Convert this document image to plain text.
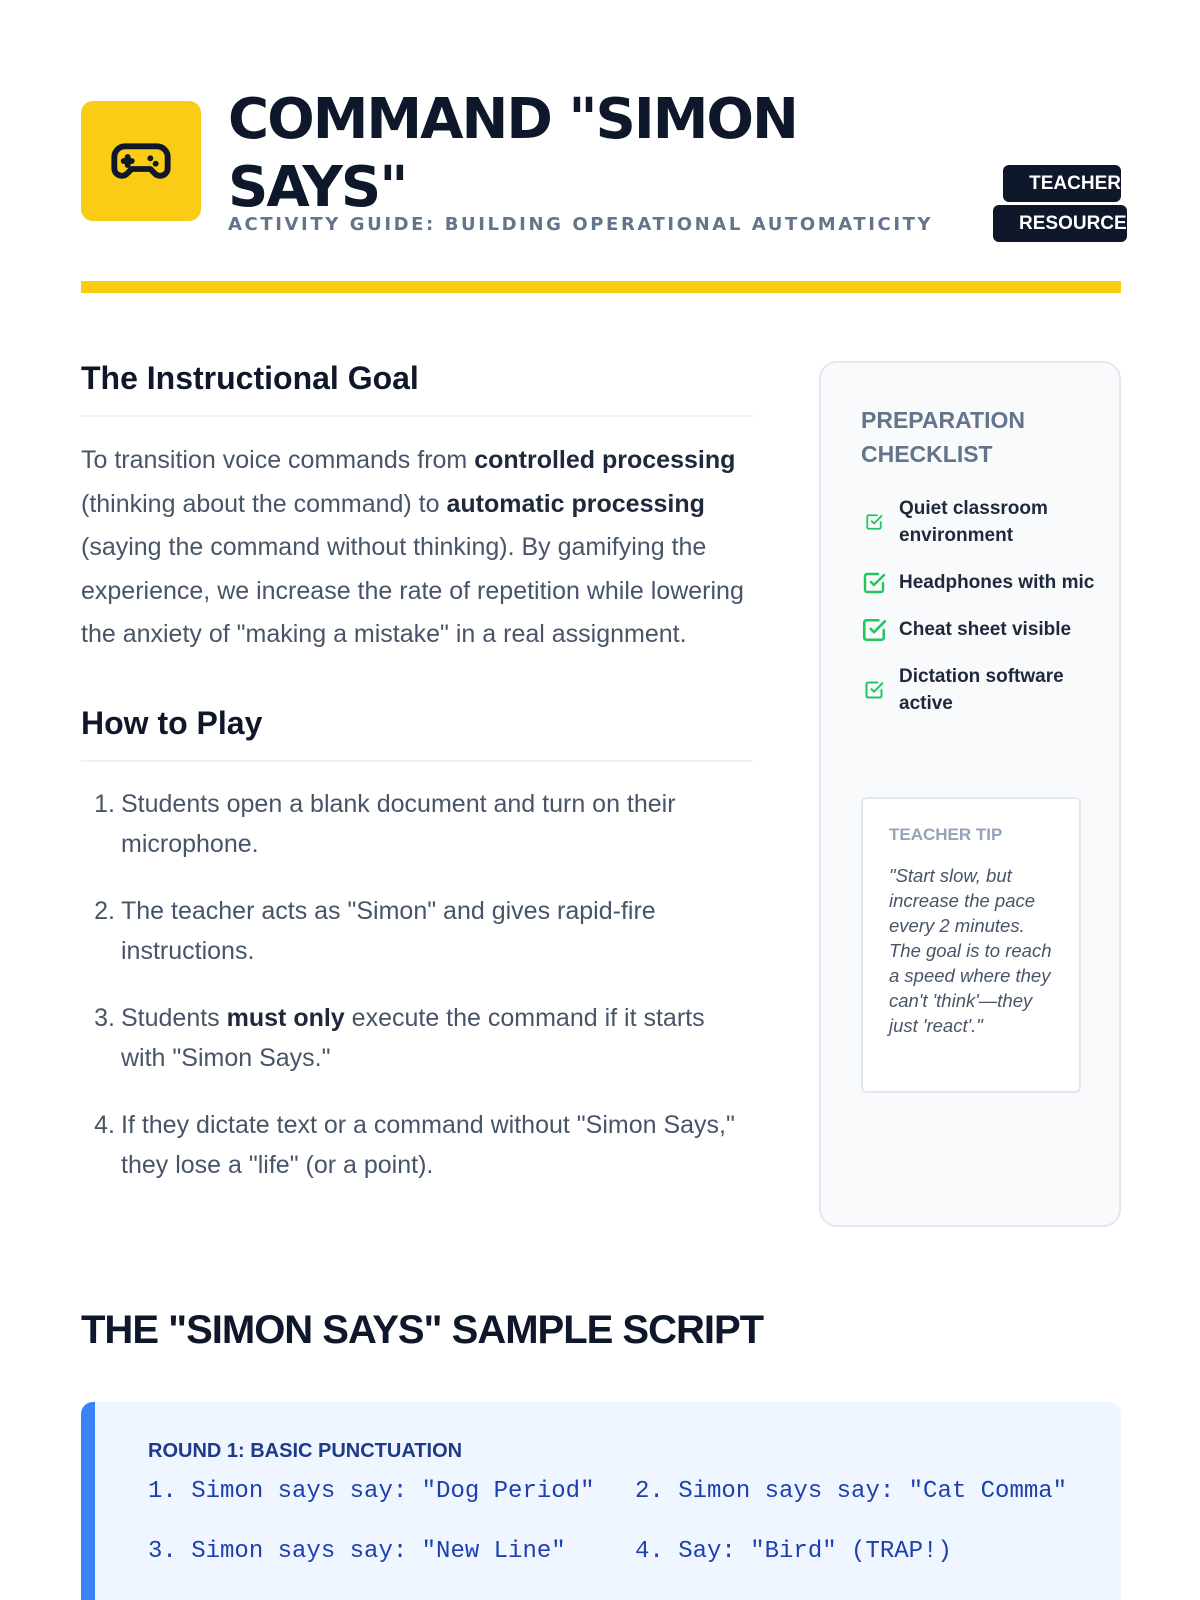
COMMAND "SIMON SAYS"
ACTIVITY GUIDE: BUILDING OPERATIONAL AUTOMATICITY
TEACHER RESOURCE
The Instructional Goal

To transition voice commands from controlled processing (thinking about the command) to automatic processing (saying the command without thinking). By gamifying the experience, we increase the rate of repetition while lowering the anxiety of "making a mistake" in a real assignment.

How to Play
1. Students open a blank document and turn on their microphone.
2. The teacher acts as "Simon" and gives rapid-fire instructions.
3. Students must only execute the command if it starts with "Simon Says."
4. If they dictate text or a command without "Simon Says," they lose a "life" (or a point).
PREPARATION CHECKLIST
Quiet classroom environment
Headphones with mic
Cheat sheet visible
Dictation software active
TEACHER TIP

"Start slow, but increase the pace every 2 minutes. The goal is to reach a speed where they can't 'think'—they just 'react'."

THE "SIMON SAYS" SAMPLE SCRIPT
ROUND 1: BASIC PUNCTUATION
1. Simon says say: "Dog Period"	2. Simon says say: "Cat Comma"
3. Simon says say: "New Line"	4. Say: "Bird" (TRAP!)
